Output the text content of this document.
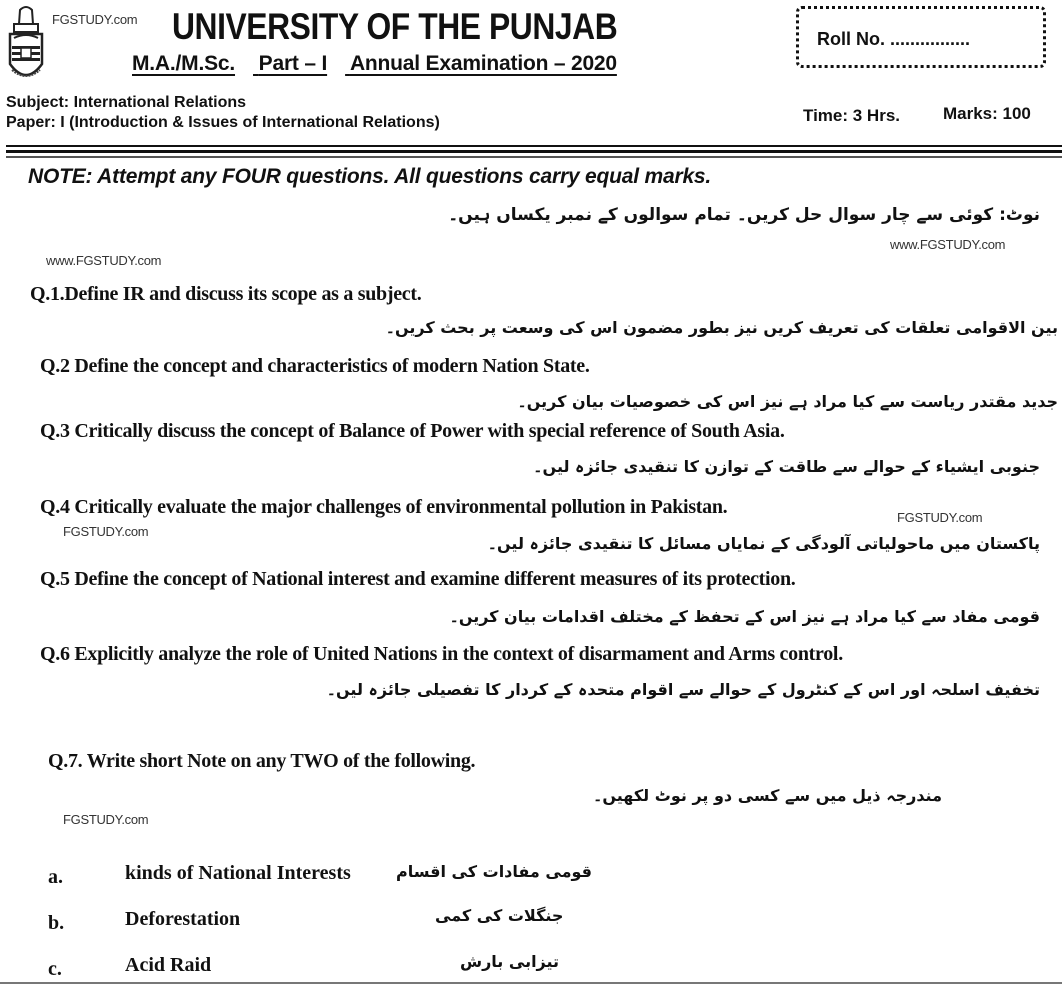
FGSTUDY.com UNIVERSITY OF THE PUNJAB
M.A./M.Sc. Part – I Annual Examination – 2020
Roll No. ................
Subject: International Relations
Paper: I (Introduction & Issues of International Relations)	Time: 3 Hrs.	Marks: 100
NOTE: Attempt any FOUR questions. All questions carry equal marks.
نوٹ: کوئی سے چار سوال حل کریں۔ تمام سوالوں کے نمبر یکساں ہیں۔
www.FGSTUDY.com
www.FGSTUDY.com
Q.1.Define IR and discuss its scope as a subject.
بین الاقوامی تعلقات کی تعریف کریں نیز بطور مضمون اس کی وسعت پر بحث کریں۔
Q.2 Define the concept and characteristics of modern Nation State.
جدید مقتدر ریاست سے کیا مراد ہے نیز اس کی خصوصیات بیان کریں۔
Q.3 Critically discuss the concept of Balance of Power with special reference of South Asia.
جنوبی ایشیاء کے حوالے سے طاقت کے توازن کا تنقیدی جائزہ لیں۔
Q.4 Critically evaluate the major challenges of environmental pollution in Pakistan.	FGSTUDY.com
FGSTUDY.com
پاکستان میں ماحولیاتی آلودگی کے نمایاں مسائل کا تنقیدی جائزہ لیں۔
Q.5 Define the concept of National interest and examine different measures of its protection.
قومی مفاد سے کیا مراد ہے نیز اس کے تحفظ کے مختلف اقدامات بیان کریں۔
Q.6 Explicitly analyze the role of United Nations in the context of disarmament and Arms control.
تخفیف اسلحہ اور اس کے کنٹرول کے حوالے سے اقوام متحدہ کے کردار کا تفصیلی جائزہ لیں۔
Q.7. Write short Note on any TWO of the following.
مندرجہ ذیل میں سے کسی دو پر نوٹ لکھیں۔
FGSTUDY.com
a.	kinds of National Interests	قومی مفادات کی اقسام
b.	Deforestation	جنگلات کی کمی
c.	Acid Raid	تیزابی بارش
